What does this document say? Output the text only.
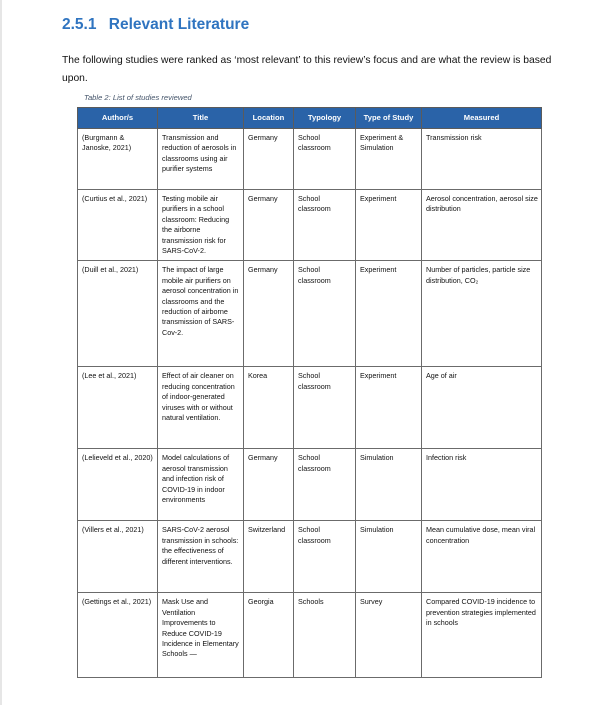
2.5.1 Relevant Literature

The following studies were ranked as ‘most relevant’ to this review’s focus and are what the review is based upon.

Table 2: List of studies reviewed
Author/s	Title	Location	Typology	Type of Study	Measured
(Burgmann & Janoske, 2021)	Transmission and reduction of aerosols in classrooms using air purifier systems	Germany	School classroom	Experiment & Simulation	Transmission risk
(Curtius et al., 2021)	Testing mobile air purifiers in a school classroom: Reducing the airborne transmission risk for SARS-CoV-2.	Germany	School classroom	Experiment	Aerosol concentration, aerosol size distribution
(Duill et al., 2021)	The impact of large mobile air purifiers on aerosol concentration in classrooms and the reduction of airborne transmission of SARS-Cov-2.	Germany	School classroom	Experiment	Number of particles, particle size distribution, CO₂
(Lee et al., 2021)	Effect of air cleaner on reducing concentration of indoor-generated viruses with or without natural ventilation.	Korea	School classroom	Experiment	Age of air
(Lelieveld et al., 2020)	Model calculations of aerosol transmission and infection risk of COVID-19 in indoor environments	Germany	School classroom	Simulation	Infection risk
(Villers et al., 2021)	SARS-CoV-2 aerosol transmission in schools: the effectiveness of different interventions.	Switzerland	School classroom	Simulation	Mean cumulative dose, mean viral concentration
(Gettings et al., 2021)	Mask Use and Ventilation Improvements to Reduce COVID-19 Incidence in Elementary Schools —	Georgia	Schools	Survey	Compared COVID-19 incidence to prevention strategies implemented in schools
